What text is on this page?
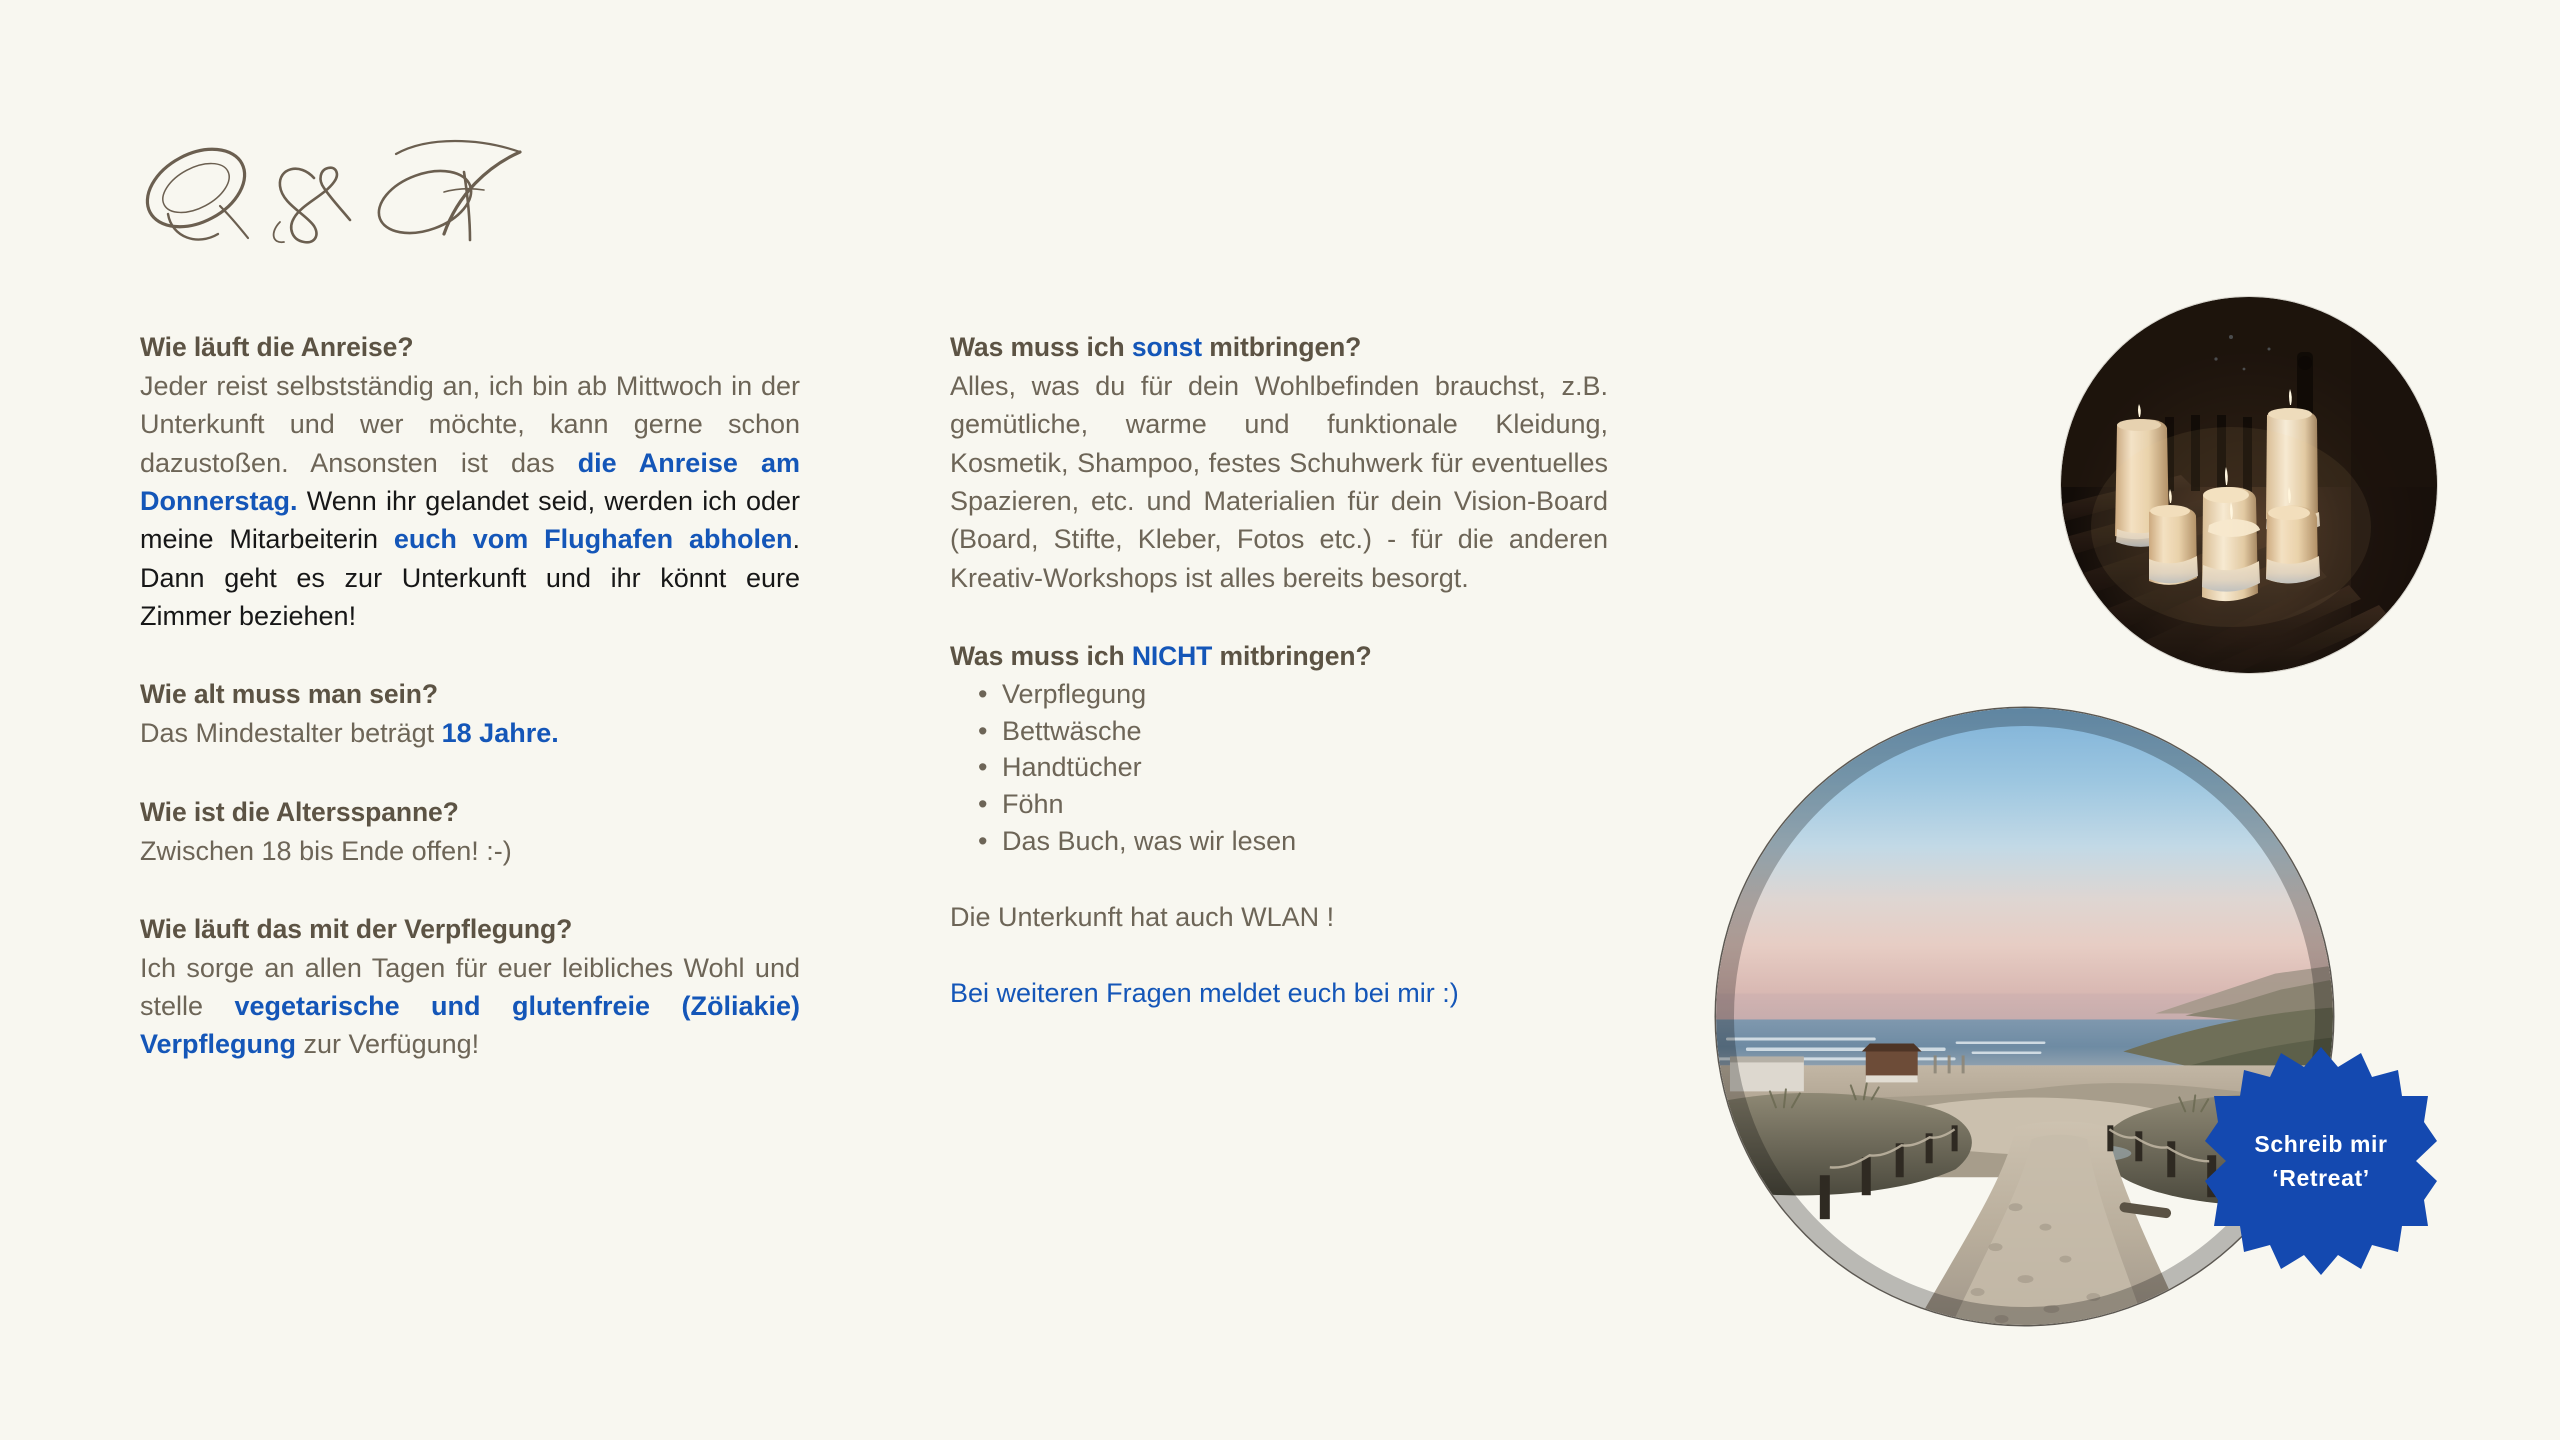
Wie läuft die Anreise?

Jeder reist selbstständig an, ich bin ab Mittwoch in der Unterkunft und wer möchte, kann gerne schon dazustoßen. Ansonsten ist das die Anreise am Donnerstag. Wenn ihr gelandet seid, werden ich oder meine Mitarbeiterin euch vom Flughafen abholen. Dann geht es zur Unterkunft und ihr könnt eure Zimmer beziehen!

Wie alt muss man sein?

Das Mindestalter beträgt 18 Jahre.

Wie ist die Altersspanne?

Zwischen 18 bis Ende offen! :-)

Wie läuft das mit der Verpflegung?

Ich sorge an allen Tagen für euer leibliches Wohl und stelle vegetarische und glutenfreie (Zöliakie) Verpflegung zur Verfügung!

Was muss ich sonst mitbringen?

Alles, was du für dein Wohlbefinden brauchst, z.B. gemütliche, warme und funktionale Kleidung, Kosmetik, Shampoo, festes Schuhwerk für eventuelles Spazieren, etc. und Materialien für dein Vision-Board (Board, Stifte, Kleber, Fotos etc.) - für die anderen Kreativ-Workshops ist alles bereits besorgt.

Was muss ich NICHT mitbringen?
• Verpflegung
• Bettwäsche
• Handtücher
• Föhn
• Das Buch, was wir lesen

Die Unterkunft hat auch WLAN !

Bei weiteren Fragen meldet euch bei mir :)

Schreib mir
‘Retreat’
